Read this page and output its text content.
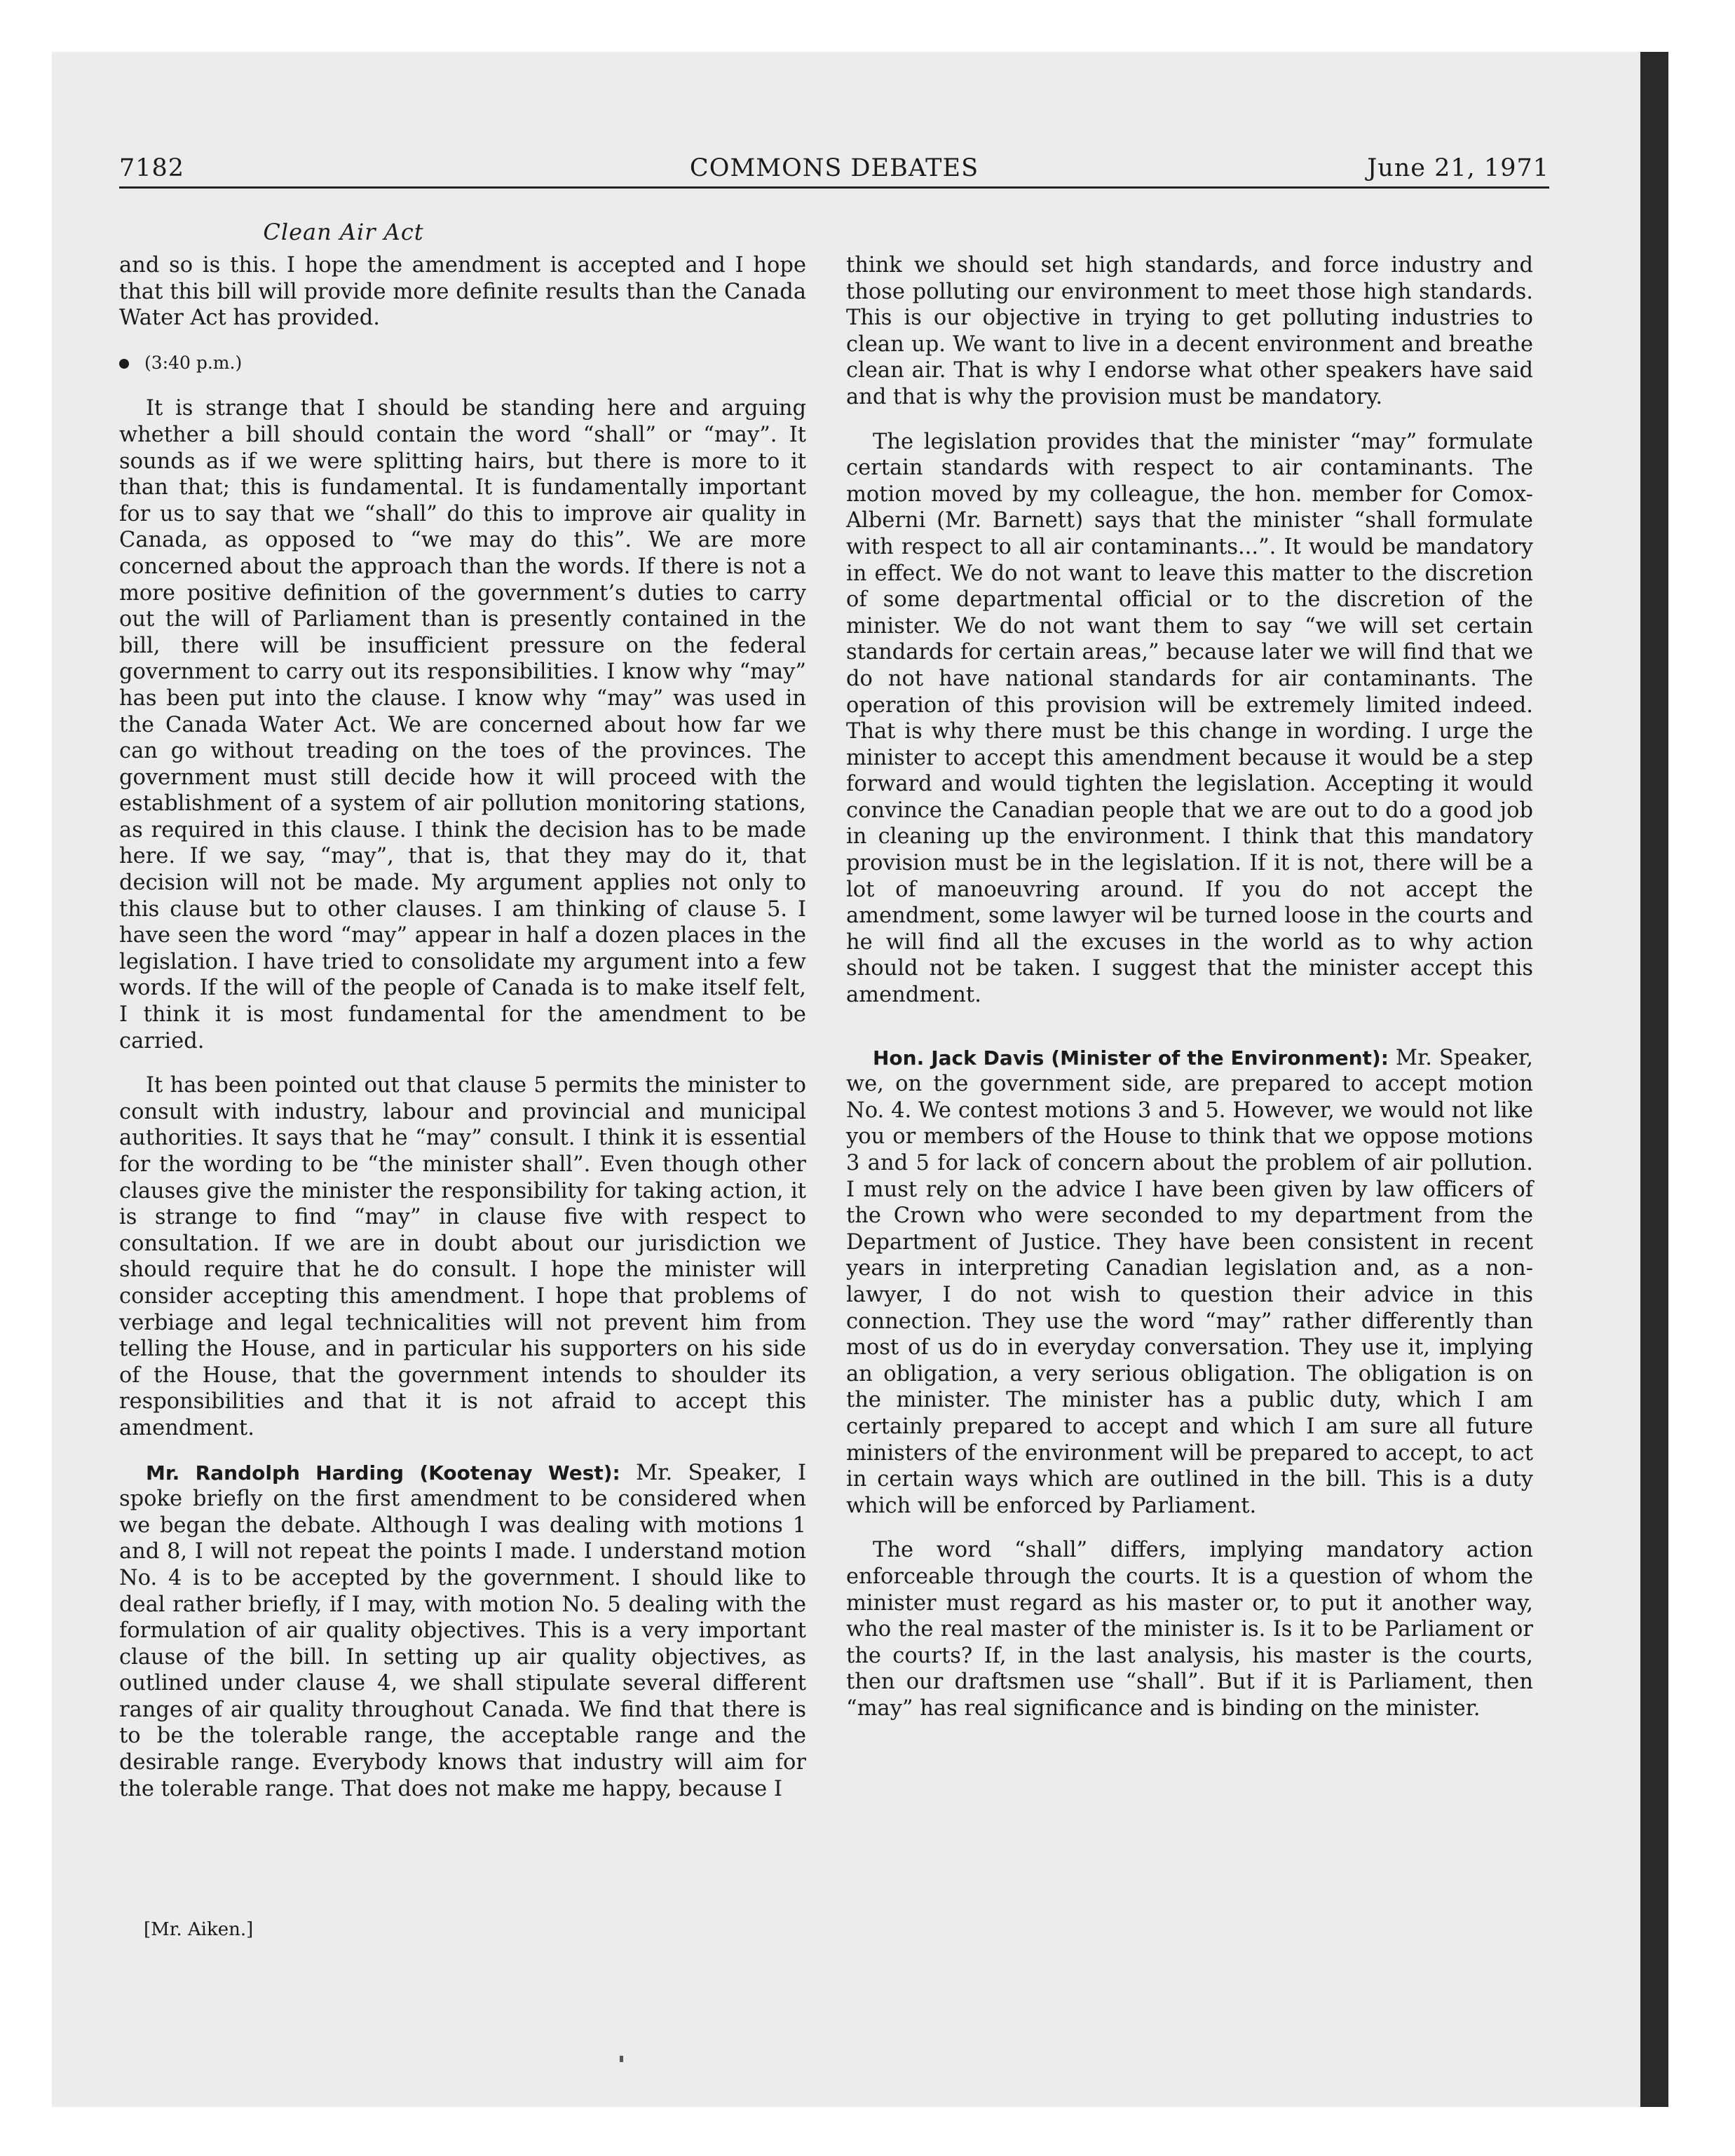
7182	COMMONS DEBATES	June 21, 1971
Clean Air Act

and so is this. I hope the amendment is accepted and I hope that this bill will provide more definite results than the Canada Water Act has provided.

(3:40 p.m.)

It is strange that I should be standing here and arguing whether a bill should contain the word “shall” or “may”. It sounds as if we were splitting hairs, but there is more to it than that; this is fundamental. It is fundamentally important for us to say that we “shall” do this to improve air quality in Canada, as opposed to “we may do this”. We are more concerned about the approach than the words. If there is not a more positive definition of the government’s duties to carry out the will of Parliament than is presently contained in the bill, there will be insufficient pressure on the federal government to carry out its responsibilities. I know why “may” has been put into the clause. I know why “may” was used in the Canada Water Act. We are concerned about how far we can go without treading on the toes of the provinces. The government must still decide how it will proceed with the establishment of a system of air pollution monitoring stations, as required in this clause. I think the decision has to be made here. If we say, “may”, that is, that they may do it, that decision will not be made. My argument applies not only to this clause but to other clauses. I am thinking of clause 5. I have seen the word “may” appear in half a dozen places in the legislation. I have tried to consolidate my argument into a few words. If the will of the people of Canada is to make itself felt, I think it is most fundamental for the amendment to be carried.

It has been pointed out that clause 5 permits the minister to consult with industry, labour and provincial and municipal authorities. It says that he “may” consult. I think it is essential for the wording to be “the minister shall”. Even though other clauses give the minister the responsibility for taking action, it is strange to find “may” in clause five with respect to consultation. If we are in doubt about our jurisdiction we should require that he do consult. I hope the minister will consider accepting this amendment. I hope that problems of verbiage and legal technicalities will not prevent him from telling the House, and in particular his supporters on his side of the House, that the government intends to shoulder its responsibilities and that it is not afraid to accept this amendment.

Mr. Randolph Harding (Kootenay West): Mr. Speaker, I spoke briefly on the first amendment to be considered when we began the debate. Although I was dealing with motions 1 and 8, I will not repeat the points I made. I understand motion No. 4 is to be accepted by the government. I should like to deal rather briefly, if I may, with motion No. 5 dealing with the formulation of air quality objectives. This is a very important clause of the bill. In setting up air quality objectives, as outlined under clause 4, we shall stipulate several different ranges of air quality throughout Canada. We find that there is to be the tolerable range, the acceptable range and the desirable range. Everybody knows that industry will aim for the tolerable range. That does not make me happy, because I

[Mr. Aiken.]

think we should set high standards, and force industry and those polluting our environment to meet those high standards. This is our objective in trying to get polluting industries to clean up. We want to live in a decent environment and breathe clean air. That is why I endorse what other speakers have said and that is why the provision must be mandatory.

The legislation provides that the minister “may” formulate certain standards with respect to air contaminants. The motion moved by my colleague, the hon. member for Comox-Alberni (Mr. Barnett) says that the minister “shall formulate with respect to all air contaminants...”. It would be mandatory in effect. We do not want to leave this matter to the discretion of some departmental official or to the discretion of the minister. We do not want them to say “we will set certain standards for certain areas,” because later we will find that we do not have national standards for air contaminants. The operation of this provision will be extremely limited indeed. That is why there must be this change in wording. I urge the minister to accept this amendment because it would be a step forward and would tighten the legislation. Accepting it would convince the Canadian people that we are out to do a good job in cleaning up the environment. I think that this mandatory provision must be in the legislation. If it is not, there will be a lot of manoeuvring around. If you do not accept the amendment, some lawyer wil be turned loose in the courts and he will find all the excuses in the world as to why action should not be taken. I suggest that the minister accept this amendment.

Hon. Jack Davis (Minister of the Environment): Mr. Speaker, we, on the government side, are prepared to accept motion No. 4. We contest motions 3 and 5. However, we would not like you or members of the House to think that we oppose motions 3 and 5 for lack of concern about the problem of air pollution. I must rely on the advice I have been given by law officers of the Crown who were seconded to my department from the Department of Justice. They have been consistent in recent years in interpreting Canadian legislation and, as a non-lawyer, I do not wish to question their advice in this connection. They use the word “may” rather differently than most of us do in everyday conversation. They use it, implying an obligation, a very serious obligation. The obligation is on the minister. The minister has a public duty, which I am certainly prepared to accept and which I am sure all future ministers of the environment will be prepared to accept, to act in certain ways which are outlined in the bill. This is a duty which will be enforced by Parliament.

The word “shall” differs, implying mandatory action enforceable through the courts. It is a question of whom the minister must regard as his master or, to put it another way, who the real master of the minister is. Is it to be Parliament or the courts? If, in the last analysis, his master is the courts, then our draftsmen use “shall”. But if it is Parliament, then “may” has real significance and is binding on the minister.
